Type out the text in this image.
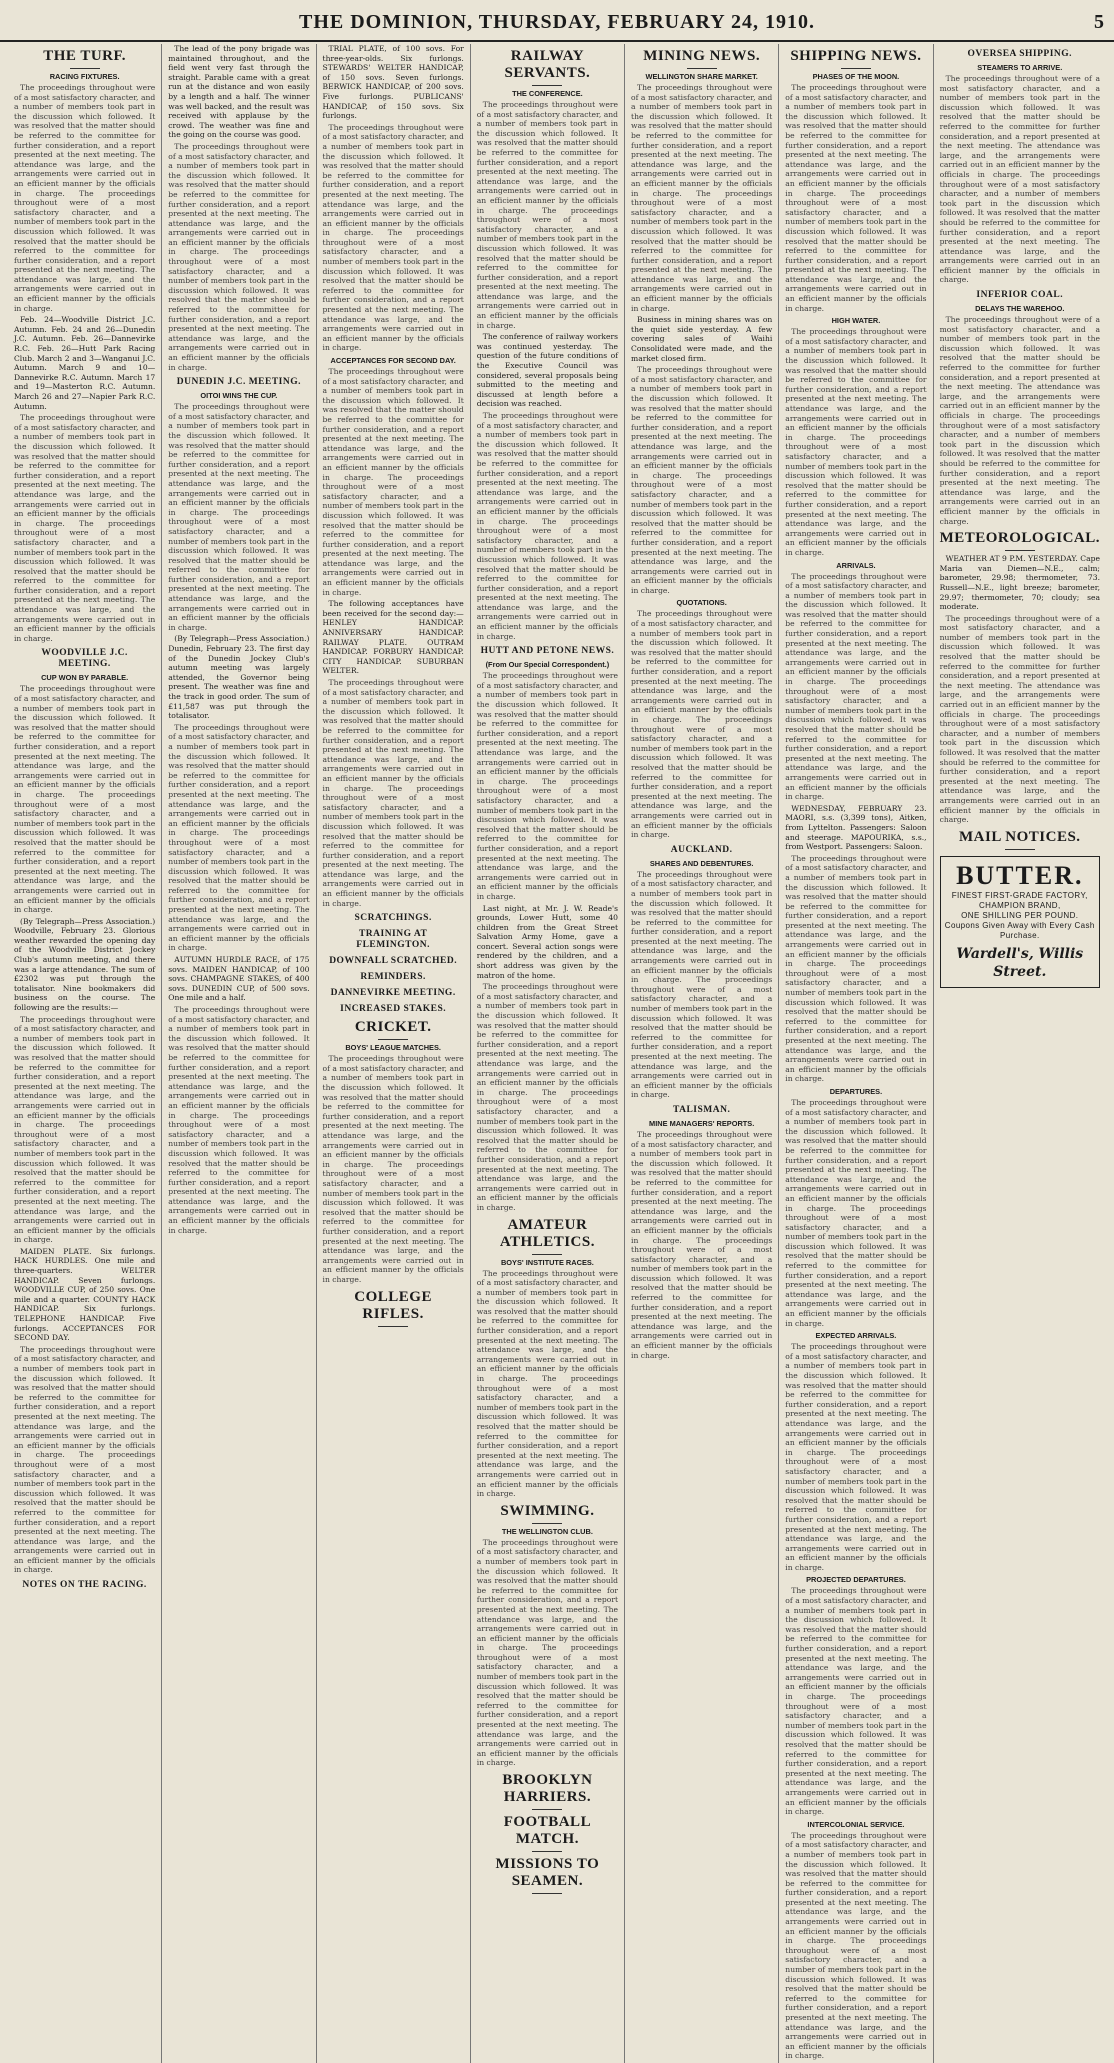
THE DOMINION, THURSDAY, FEBRUARY 24, 1910.	5
THE TURF.
RACING FIXTURES.

The proceedings throughout were of a most satisfactory character, and a number of members took part in the discussion which followed. It was resolved that the matter should be referred to the committee for further consideration, and a report presented at the next meeting. The attendance was large, and the arrangements were carried out in an efficient manner by the officials in charge. The proceedings throughout were of a most satisfactory character, and a number of members took part in the discussion which followed. It was resolved that the matter should be referred to the committee for further consideration, and a report presented at the next meeting. The attendance was large, and the arrangements were carried out in an efficient manner by the officials in charge.

Feb. 24—Woodville District J.C. Autumn. Feb. 24 and 26—Dunedin J.C. Autumn. Feb. 26—Dannevirke R.C. Feb. 26—Hutt Park Racing Club. March 2 and 3—Wanganui J.C. Autumn. March 9 and 10—Dannevirke R.C. Autumn. March 17 and 19—Masterton R.C. Autumn. March 26 and 27—Napier Park R.C. Autumn.

The proceedings throughout were of a most satisfactory character, and a number of members took part in the discussion which followed. It was resolved that the matter should be referred to the committee for further consideration, and a report presented at the next meeting. The attendance was large, and the arrangements were carried out in an efficient manner by the officials in charge. The proceedings throughout were of a most satisfactory character, and a number of members took part in the discussion which followed. It was resolved that the matter should be referred to the committee for further consideration, and a report presented at the next meeting. The attendance was large, and the arrangements were carried out in an efficient manner by the officials in charge.

WOODVILLE J.C. MEETING.
CUP WON BY PARABLE.

The proceedings throughout were of a most satisfactory character, and a number of members took part in the discussion which followed. It was resolved that the matter should be referred to the committee for further consideration, and a report presented at the next meeting. The attendance was large, and the arrangements were carried out in an efficient manner by the officials in charge. The proceedings throughout were of a most satisfactory character, and a number of members took part in the discussion which followed. It was resolved that the matter should be referred to the committee for further consideration, and a report presented at the next meeting. The attendance was large, and the arrangements were carried out in an efficient manner by the officials in charge.

(By Telegraph—Press Association.) Woodville, February 23. Glorious weather rewarded the opening day of the Woodville District Jockey Club's autumn meeting, and there was a large attendance. The sum of £2302 was put through the totalisator. Nine bookmakers did business on the course. The following are the results:—

The proceedings throughout were of a most satisfactory character, and a number of members took part in the discussion which followed. It was resolved that the matter should be referred to the committee for further consideration, and a report presented at the next meeting. The attendance was large, and the arrangements were carried out in an efficient manner by the officials in charge. The proceedings throughout were of a most satisfactory character, and a number of members took part in the discussion which followed. It was resolved that the matter should be referred to the committee for further consideration, and a report presented at the next meeting. The attendance was large, and the arrangements were carried out in an efficient manner by the officials in charge.

MAIDEN PLATE. Six furlongs. HACK HURDLES. One mile and three-quarters. WELTER HANDICAP. Seven furlongs. WOODVILLE CUP, of 250 sovs. One mile and a quarter. COUNTY HACK HANDICAP. Six furlongs. TELEPHONE HANDICAP. Five furlongs. ACCEPTANCES FOR SECOND DAY.

The proceedings throughout were of a most satisfactory character, and a number of members took part in the discussion which followed. It was resolved that the matter should be referred to the committee for further consideration, and a report presented at the next meeting. The attendance was large, and the arrangements were carried out in an efficient manner by the officials in charge. The proceedings throughout were of a most satisfactory character, and a number of members took part in the discussion which followed. It was resolved that the matter should be referred to the committee for further consideration, and a report presented at the next meeting. The attendance was large, and the arrangements were carried out in an efficient manner by the officials in charge.

NOTES ON THE RACING.

The lead of the pony brigade was maintained throughout, and the field went very fast through the straight. Parable came with a great run at the distance and won easily by a length and a half. The winner was well backed, and the result was received with applause by the crowd. The weather was fine and the going on the course was good.

The proceedings throughout were of a most satisfactory character, and a number of members took part in the discussion which followed. It was resolved that the matter should be referred to the committee for further consideration, and a report presented at the next meeting. The attendance was large, and the arrangements were carried out in an efficient manner by the officials in charge. The proceedings throughout were of a most satisfactory character, and a number of members took part in the discussion which followed. It was resolved that the matter should be referred to the committee for further consideration, and a report presented at the next meeting. The attendance was large, and the arrangements were carried out in an efficient manner by the officials in charge.

DUNEDIN J.C. MEETING.
OITOI WINS THE CUP.

The proceedings throughout were of a most satisfactory character, and a number of members took part in the discussion which followed. It was resolved that the matter should be referred to the committee for further consideration, and a report presented at the next meeting. The attendance was large, and the arrangements were carried out in an efficient manner by the officials in charge. The proceedings throughout were of a most satisfactory character, and a number of members took part in the discussion which followed. It was resolved that the matter should be referred to the committee for further consideration, and a report presented at the next meeting. The attendance was large, and the arrangements were carried out in an efficient manner by the officials in charge.

(By Telegraph—Press Association.) Dunedin, February 23. The first day of the Dunedin Jockey Club's autumn meeting was largely attended, the Governor being present. The weather was fine and the track in good order. The sum of £11,587 was put through the totalisator.

The proceedings throughout were of a most satisfactory character, and a number of members took part in the discussion which followed. It was resolved that the matter should be referred to the committee for further consideration, and a report presented at the next meeting. The attendance was large, and the arrangements were carried out in an efficient manner by the officials in charge. The proceedings throughout were of a most satisfactory character, and a number of members took part in the discussion which followed. It was resolved that the matter should be referred to the committee for further consideration, and a report presented at the next meeting. The attendance was large, and the arrangements were carried out in an efficient manner by the officials in charge.

AUTUMN HURDLE RACE, of 175 sovs. MAIDEN HANDICAP, of 100 sovs. CHAMPAGNE STAKES, of 400 sovs. DUNEDIN CUP, of 500 sovs. One mile and a half.

The proceedings throughout were of a most satisfactory character, and a number of members took part in the discussion which followed. It was resolved that the matter should be referred to the committee for further consideration, and a report presented at the next meeting. The attendance was large, and the arrangements were carried out in an efficient manner by the officials in charge. The proceedings throughout were of a most satisfactory character, and a number of members took part in the discussion which followed. It was resolved that the matter should be referred to the committee for further consideration, and a report presented at the next meeting. The attendance was large, and the arrangements were carried out in an efficient manner by the officials in charge.

TRIAL PLATE, of 100 sovs. For three-year-olds. Six furlongs. STEWARDS' WELTER HANDICAP, of 150 sovs. Seven furlongs. BERWICK HANDICAP, of 200 sovs. Five furlongs. PUBLICANS' HANDICAP, of 150 sovs. Six furlongs.

The proceedings throughout were of a most satisfactory character, and a number of members took part in the discussion which followed. It was resolved that the matter should be referred to the committee for further consideration, and a report presented at the next meeting. The attendance was large, and the arrangements were carried out in an efficient manner by the officials in charge. The proceedings throughout were of a most satisfactory character, and a number of members took part in the discussion which followed. It was resolved that the matter should be referred to the committee for further consideration, and a report presented at the next meeting. The attendance was large, and the arrangements were carried out in an efficient manner by the officials in charge.

ACCEPTANCES FOR SECOND DAY.

The proceedings throughout were of a most satisfactory character, and a number of members took part in the discussion which followed. It was resolved that the matter should be referred to the committee for further consideration, and a report presented at the next meeting. The attendance was large, and the arrangements were carried out in an efficient manner by the officials in charge. The proceedings throughout were of a most satisfactory character, and a number of members took part in the discussion which followed. It was resolved that the matter should be referred to the committee for further consideration, and a report presented at the next meeting. The attendance was large, and the arrangements were carried out in an efficient manner by the officials in charge.

The following acceptances have been received for the second day:— HENLEY HANDICAP. ANNIVERSARY HANDICAP. RAILWAY PLATE. OUTRAM HANDICAP. FORBURY HANDICAP. CITY HANDICAP. SUBURBAN WELTER.

The proceedings throughout were of a most satisfactory character, and a number of members took part in the discussion which followed. It was resolved that the matter should be referred to the committee for further consideration, and a report presented at the next meeting. The attendance was large, and the arrangements were carried out in an efficient manner by the officials in charge. The proceedings throughout were of a most satisfactory character, and a number of members took part in the discussion which followed. It was resolved that the matter should be referred to the committee for further consideration, and a report presented at the next meeting. The attendance was large, and the arrangements were carried out in an efficient manner by the officials in charge.

SCRATCHINGS.
TRAINING AT FLEMINGTON.
DOWNFALL SCRATCHED.
REMINDERS.
DANNEVIRKE MEETING.
INCREASED STAKES.
CRICKET.
BOYS' LEAGUE MATCHES.

The proceedings throughout were of a most satisfactory character, and a number of members took part in the discussion which followed. It was resolved that the matter should be referred to the committee for further consideration, and a report presented at the next meeting. The attendance was large, and the arrangements were carried out in an efficient manner by the officials in charge. The proceedings throughout were of a most satisfactory character, and a number of members took part in the discussion which followed. It was resolved that the matter should be referred to the committee for further consideration, and a report presented at the next meeting. The attendance was large, and the arrangements were carried out in an efficient manner by the officials in charge.

COLLEGE RIFLES.
RAILWAY SERVANTS.
THE CONFERENCE.

The proceedings throughout were of a most satisfactory character, and a number of members took part in the discussion which followed. It was resolved that the matter should be referred to the committee for further consideration, and a report presented at the next meeting. The attendance was large, and the arrangements were carried out in an efficient manner by the officials in charge. The proceedings throughout were of a most satisfactory character, and a number of members took part in the discussion which followed. It was resolved that the matter should be referred to the committee for further consideration, and a report presented at the next meeting. The attendance was large, and the arrangements were carried out in an efficient manner by the officials in charge.

The conference of railway workers was continued yesterday. The question of the future conditions of the Executive Council was considered, several proposals being submitted to the meeting and discussed at length before a decision was reached.

The proceedings throughout were of a most satisfactory character, and a number of members took part in the discussion which followed. It was resolved that the matter should be referred to the committee for further consideration, and a report presented at the next meeting. The attendance was large, and the arrangements were carried out in an efficient manner by the officials in charge. The proceedings throughout were of a most satisfactory character, and a number of members took part in the discussion which followed. It was resolved that the matter should be referred to the committee for further consideration, and a report presented at the next meeting. The attendance was large, and the arrangements were carried out in an efficient manner by the officials in charge.

HUTT AND PETONE NEWS.
(From Our Special Correspondent.)

The proceedings throughout were of a most satisfactory character, and a number of members took part in the discussion which followed. It was resolved that the matter should be referred to the committee for further consideration, and a report presented at the next meeting. The attendance was large, and the arrangements were carried out in an efficient manner by the officials in charge. The proceedings throughout were of a most satisfactory character, and a number of members took part in the discussion which followed. It was resolved that the matter should be referred to the committee for further consideration, and a report presented at the next meeting. The attendance was large, and the arrangements were carried out in an efficient manner by the officials in charge.

Last night, at Mr. J. W. Reade's grounds, Lower Hutt, some 40 children from the Great Street Salvation Army Home, gave a concert. Several action songs were rendered by the children, and a short address was given by the matron of the home.

The proceedings throughout were of a most satisfactory character, and a number of members took part in the discussion which followed. It was resolved that the matter should be referred to the committee for further consideration, and a report presented at the next meeting. The attendance was large, and the arrangements were carried out in an efficient manner by the officials in charge. The proceedings throughout were of a most satisfactory character, and a number of members took part in the discussion which followed. It was resolved that the matter should be referred to the committee for further consideration, and a report presented at the next meeting. The attendance was large, and the arrangements were carried out in an efficient manner by the officials in charge.

AMATEUR ATHLETICS.
BOYS' INSTITUTE RACES.

The proceedings throughout were of a most satisfactory character, and a number of members took part in the discussion which followed. It was resolved that the matter should be referred to the committee for further consideration, and a report presented at the next meeting. The attendance was large, and the arrangements were carried out in an efficient manner by the officials in charge. The proceedings throughout were of a most satisfactory character, and a number of members took part in the discussion which followed. It was resolved that the matter should be referred to the committee for further consideration, and a report presented at the next meeting. The attendance was large, and the arrangements were carried out in an efficient manner by the officials in charge.

SWIMMING.
THE WELLINGTON CLUB.

The proceedings throughout were of a most satisfactory character, and a number of members took part in the discussion which followed. It was resolved that the matter should be referred to the committee for further consideration, and a report presented at the next meeting. The attendance was large, and the arrangements were carried out in an efficient manner by the officials in charge. The proceedings throughout were of a most satisfactory character, and a number of members took part in the discussion which followed. It was resolved that the matter should be referred to the committee for further consideration, and a report presented at the next meeting. The attendance was large, and the arrangements were carried out in an efficient manner by the officials in charge.

BROOKLYN HARRIERS.
FOOTBALL MATCH.
MISSIONS TO SEAMEN.
MINING NEWS.
WELLINGTON SHARE MARKET.

The proceedings throughout were of a most satisfactory character, and a number of members took part in the discussion which followed. It was resolved that the matter should be referred to the committee for further consideration, and a report presented at the next meeting. The attendance was large, and the arrangements were carried out in an efficient manner by the officials in charge. The proceedings throughout were of a most satisfactory character, and a number of members took part in the discussion which followed. It was resolved that the matter should be referred to the committee for further consideration, and a report presented at the next meeting. The attendance was large, and the arrangements were carried out in an efficient manner by the officials in charge.

Business in mining shares was on the quiet side yesterday. A few covering sales of Waihi Consolidated were made, and the market closed firm.

The proceedings throughout were of a most satisfactory character, and a number of members took part in the discussion which followed. It was resolved that the matter should be referred to the committee for further consideration, and a report presented at the next meeting. The attendance was large, and the arrangements were carried out in an efficient manner by the officials in charge. The proceedings throughout were of a most satisfactory character, and a number of members took part in the discussion which followed. It was resolved that the matter should be referred to the committee for further consideration, and a report presented at the next meeting. The attendance was large, and the arrangements were carried out in an efficient manner by the officials in charge.

QUOTATIONS.

The proceedings throughout were of a most satisfactory character, and a number of members took part in the discussion which followed. It was resolved that the matter should be referred to the committee for further consideration, and a report presented at the next meeting. The attendance was large, and the arrangements were carried out in an efficient manner by the officials in charge. The proceedings throughout were of a most satisfactory character, and a number of members took part in the discussion which followed. It was resolved that the matter should be referred to the committee for further consideration, and a report presented at the next meeting. The attendance was large, and the arrangements were carried out in an efficient manner by the officials in charge.

AUCKLAND.
SHARES AND DEBENTURES.

The proceedings throughout were of a most satisfactory character, and a number of members took part in the discussion which followed. It was resolved that the matter should be referred to the committee for further consideration, and a report presented at the next meeting. The attendance was large, and the arrangements were carried out in an efficient manner by the officials in charge. The proceedings throughout were of a most satisfactory character, and a number of members took part in the discussion which followed. It was resolved that the matter should be referred to the committee for further consideration, and a report presented at the next meeting. The attendance was large, and the arrangements were carried out in an efficient manner by the officials in charge.

TALISMAN.
MINE MANAGERS' REPORTS.

The proceedings throughout were of a most satisfactory character, and a number of members took part in the discussion which followed. It was resolved that the matter should be referred to the committee for further consideration, and a report presented at the next meeting. The attendance was large, and the arrangements were carried out in an efficient manner by the officials in charge. The proceedings throughout were of a most satisfactory character, and a number of members took part in the discussion which followed. It was resolved that the matter should be referred to the committee for further consideration, and a report presented at the next meeting. The attendance was large, and the arrangements were carried out in an efficient manner by the officials in charge.

SHIPPING NEWS.
PHASES OF THE MOON.

The proceedings throughout were of a most satisfactory character, and a number of members took part in the discussion which followed. It was resolved that the matter should be referred to the committee for further consideration, and a report presented at the next meeting. The attendance was large, and the arrangements were carried out in an efficient manner by the officials in charge. The proceedings throughout were of a most satisfactory character, and a number of members took part in the discussion which followed. It was resolved that the matter should be referred to the committee for further consideration, and a report presented at the next meeting. The attendance was large, and the arrangements were carried out in an efficient manner by the officials in charge.

HIGH WATER.

The proceedings throughout were of a most satisfactory character, and a number of members took part in the discussion which followed. It was resolved that the matter should be referred to the committee for further consideration, and a report presented at the next meeting. The attendance was large, and the arrangements were carried out in an efficient manner by the officials in charge. The proceedings throughout were of a most satisfactory character, and a number of members took part in the discussion which followed. It was resolved that the matter should be referred to the committee for further consideration, and a report presented at the next meeting. The attendance was large, and the arrangements were carried out in an efficient manner by the officials in charge.

ARRIVALS.

The proceedings throughout were of a most satisfactory character, and a number of members took part in the discussion which followed. It was resolved that the matter should be referred to the committee for further consideration, and a report presented at the next meeting. The attendance was large, and the arrangements were carried out in an efficient manner by the officials in charge. The proceedings throughout were of a most satisfactory character, and a number of members took part in the discussion which followed. It was resolved that the matter should be referred to the committee for further consideration, and a report presented at the next meeting. The attendance was large, and the arrangements were carried out in an efficient manner by the officials in charge.

WEDNESDAY, FEBRUARY 23. MAORI, s.s. (3,399 tons), Aitken, from Lyttelton. Passengers: Saloon and steerage. MAPOURIKA, s.s., from Westport. Passengers: Saloon.

The proceedings throughout were of a most satisfactory character, and a number of members took part in the discussion which followed. It was resolved that the matter should be referred to the committee for further consideration, and a report presented at the next meeting. The attendance was large, and the arrangements were carried out in an efficient manner by the officials in charge. The proceedings throughout were of a most satisfactory character, and a number of members took part in the discussion which followed. It was resolved that the matter should be referred to the committee for further consideration, and a report presented at the next meeting. The attendance was large, and the arrangements were carried out in an efficient manner by the officials in charge.

DEPARTURES.

The proceedings throughout were of a most satisfactory character, and a number of members took part in the discussion which followed. It was resolved that the matter should be referred to the committee for further consideration, and a report presented at the next meeting. The attendance was large, and the arrangements were carried out in an efficient manner by the officials in charge. The proceedings throughout were of a most satisfactory character, and a number of members took part in the discussion which followed. It was resolved that the matter should be referred to the committee for further consideration, and a report presented at the next meeting. The attendance was large, and the arrangements were carried out in an efficient manner by the officials in charge.

EXPECTED ARRIVALS.

The proceedings throughout were of a most satisfactory character, and a number of members took part in the discussion which followed. It was resolved that the matter should be referred to the committee for further consideration, and a report presented at the next meeting. The attendance was large, and the arrangements were carried out in an efficient manner by the officials in charge. The proceedings throughout were of a most satisfactory character, and a number of members took part in the discussion which followed. It was resolved that the matter should be referred to the committee for further consideration, and a report presented at the next meeting. The attendance was large, and the arrangements were carried out in an efficient manner by the officials in charge.

PROJECTED DEPARTURES.

The proceedings throughout were of a most satisfactory character, and a number of members took part in the discussion which followed. It was resolved that the matter should be referred to the committee for further consideration, and a report presented at the next meeting. The attendance was large, and the arrangements were carried out in an efficient manner by the officials in charge. The proceedings throughout were of a most satisfactory character, and a number of members took part in the discussion which followed. It was resolved that the matter should be referred to the committee for further consideration, and a report presented at the next meeting. The attendance was large, and the arrangements were carried out in an efficient manner by the officials in charge.

INTERCOLONIAL SERVICE.

The proceedings throughout were of a most satisfactory character, and a number of members took part in the discussion which followed. It was resolved that the matter should be referred to the committee for further consideration, and a report presented at the next meeting. The attendance was large, and the arrangements were carried out in an efficient manner by the officials in charge. The proceedings throughout were of a most satisfactory character, and a number of members took part in the discussion which followed. It was resolved that the matter should be referred to the committee for further consideration, and a report presented at the next meeting. The attendance was large, and the arrangements were carried out in an efficient manner by the officials in charge.

OVERSEA SHIPPING.
STEAMERS TO ARRIVE.

The proceedings throughout were of a most satisfactory character, and a number of members took part in the discussion which followed. It was resolved that the matter should be referred to the committee for further consideration, and a report presented at the next meeting. The attendance was large, and the arrangements were carried out in an efficient manner by the officials in charge. The proceedings throughout were of a most satisfactory character, and a number of members took part in the discussion which followed. It was resolved that the matter should be referred to the committee for further consideration, and a report presented at the next meeting. The attendance was large, and the arrangements were carried out in an efficient manner by the officials in charge.

INFERIOR COAL.
DELAYS THE WAREHOO.

The proceedings throughout were of a most satisfactory character, and a number of members took part in the discussion which followed. It was resolved that the matter should be referred to the committee for further consideration, and a report presented at the next meeting. The attendance was large, and the arrangements were carried out in an efficient manner by the officials in charge. The proceedings throughout were of a most satisfactory character, and a number of members took part in the discussion which followed. It was resolved that the matter should be referred to the committee for further consideration, and a report presented at the next meeting. The attendance was large, and the arrangements were carried out in an efficient manner by the officials in charge.

METEOROLOGICAL.

WEATHER AT 9 P.M. YESTERDAY. Cape Maria van Diemen—N.E., calm; barometer, 29.98; thermometer, 73. Russell—N.E., light breeze; barometer, 29.97; thermometer, 70; cloudy; sea moderate.

The proceedings throughout were of a most satisfactory character, and a number of members took part in the discussion which followed. It was resolved that the matter should be referred to the committee for further consideration, and a report presented at the next meeting. The attendance was large, and the arrangements were carried out in an efficient manner by the officials in charge. The proceedings throughout were of a most satisfactory character, and a number of members took part in the discussion which followed. It was resolved that the matter should be referred to the committee for further consideration, and a report presented at the next meeting. The attendance was large, and the arrangements were carried out in an efficient manner by the officials in charge.

MAIL NOTICES.
BUTTER.
FINEST FIRST-GRADE FACTORY,
CHAMPION BRAND,
ONE SHILLING PER POUND.
Coupons Given Away with Every Cash Purchase.
Wardell's, Willis Street.
